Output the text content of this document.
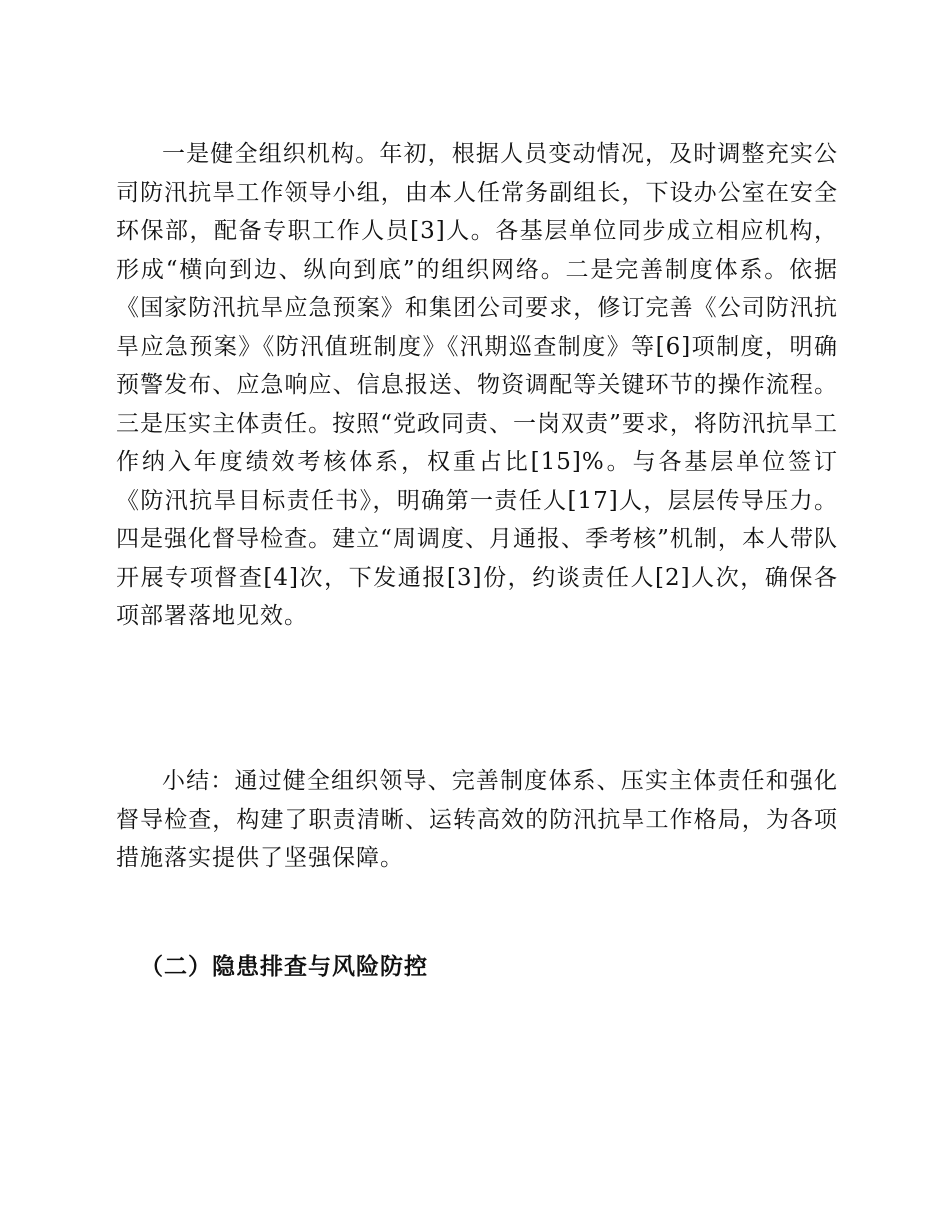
一是健全组织机构。年初，根据人员变动情况，及时调整充实公司防汛抗旱工作领导小组，由本人任常务副组长，下设办公室在安全环保部，配备专职工作人员[3]人。各基层单位同步成立相应机构，形成“横向到边、纵向到底”的组织网络。二是完善制度体系。依据《国家防汛抗旱应急预案》和集团公司要求，修订完善《公司防汛抗旱应急预案》《防汛值班制度》《汛期巡查制度》等[6]项制度，明确预警发布、应急响应、信息报送、物资调配等关键环节的操作流程。三是压实主体责任。按照“党政同责、一岗双责”要求，将防汛抗旱工作纳入年度绩效考核体系，权重占比[15]%。与各基层单位签订《防汛抗旱目标责任书》，明确第一责任人[17]人，层层传导压力。四是强化督导检查。建立“周调度、月通报、季考核”机制，本人带队开展专项督查[4]次，下发通报[3]份，约谈责任人[2]人次，确保各项部署落地见效。

小结：通过健全组织领导、完善制度体系、压实主体责任和强化督导检查，构建了职责清晰、运转高效的防汛抗旱工作格局，为各项措施落实提供了坚强保障。

（二）隐患排查与风险防控
